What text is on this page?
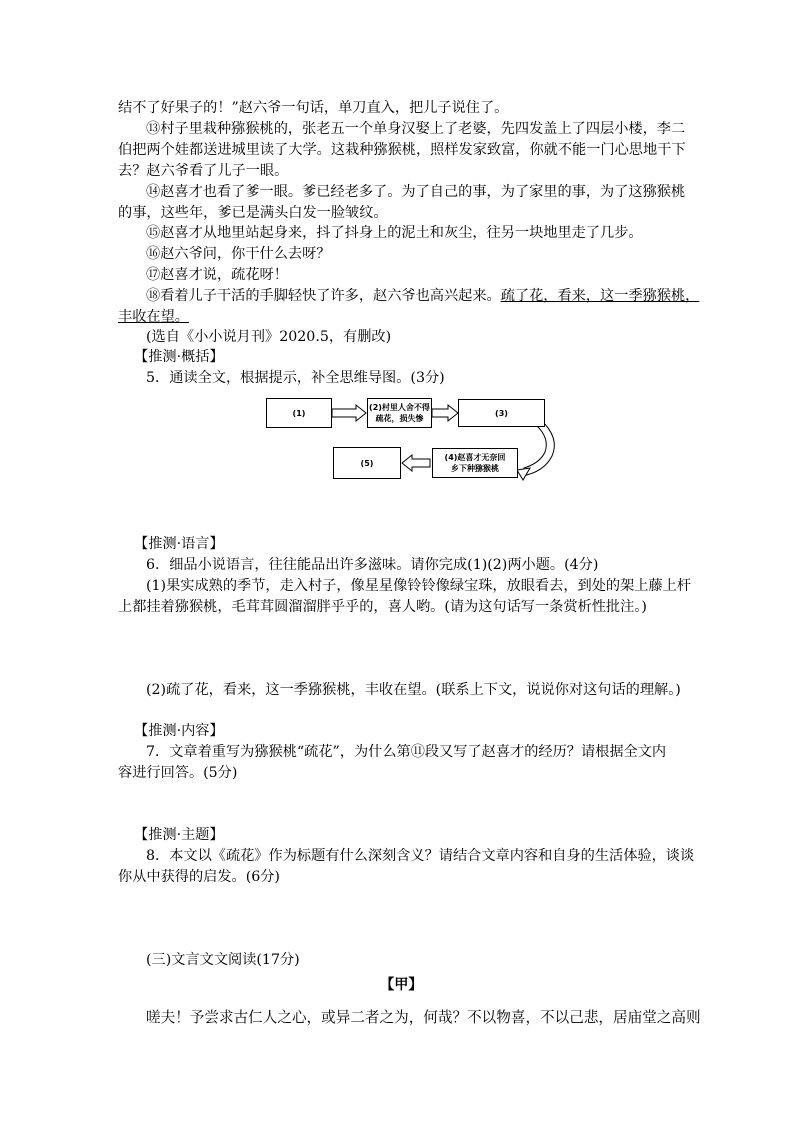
结不了好果子的！”赵六爷一句话，单刀直入，把儿子说住了。
⑬村子里栽种猕猴桃的，张老五一个单身汉娶上了老婆，先四发盖上了四层小楼，李二
伯把两个娃都送进城里读了大学。这栽种猕猴桃，照样发家致富，你就不能一门心思地干下
去？赵六爷看了儿子一眼。
⑭赵喜才也看了爹一眼。爹已经老多了。为了自己的事，为了家里的事，为了这猕猴桃
的事，这些年，爹已是满头白发一脸皱纹。
⑮赵喜才从地里站起身来，抖了抖身上的泥土和灰尘，往另一块地里走了几步。
⑯赵六爷问，你干什么去呀？
⑰赵喜才说，疏花呀！
⑱看着儿子干活的手脚轻快了许多，赵六爷也高兴起来。疏了花，看来，这一季猕猴桃，
丰收在望。
(选自《小小说月刊》2020.5，有删改)
【推测·概括】
5．通读全文，根据提示，补全思维导图。(3分)
(1)
(2)村里人舍不得
疏花，损失惨
(3)
(4)赵喜才无奈回
乡下种猕猴桃
(5)
【推测·语言】
6．细品小说语言，往往能品出许多滋味。请你完成(1)(2)两小题。(4分)
(1)果实成熟的季节，走入村子，像星星像铃铃像绿宝珠，放眼看去，到处的架上藤上杆
上都挂着猕猴桃，毛茸茸圆溜溜胖乎乎的，喜人哟。(请为这句话写一条赏析性批注。)
(2)疏了花，看来，这一季猕猴桃，丰收在望。(联系上下文，说说你对这句话的理解。)
【推测·内容】
7．文章着重写为猕猴桃“疏花”，为什么第⑪段又写了赵喜才的经历？请根据全文内
容进行回答。(5分)
【推测·主题】
8．本文以《疏花》作为标题有什么深刻含义？请结合文章内容和自身的生活体验，谈谈
你从中获得的启发。(6分)
(三)文言文文阅读(17分)
【甲】
嗟夫！予尝求古仁人之心，或异二者之为，何哉？不以物喜，不以己悲，居庙堂之高则
